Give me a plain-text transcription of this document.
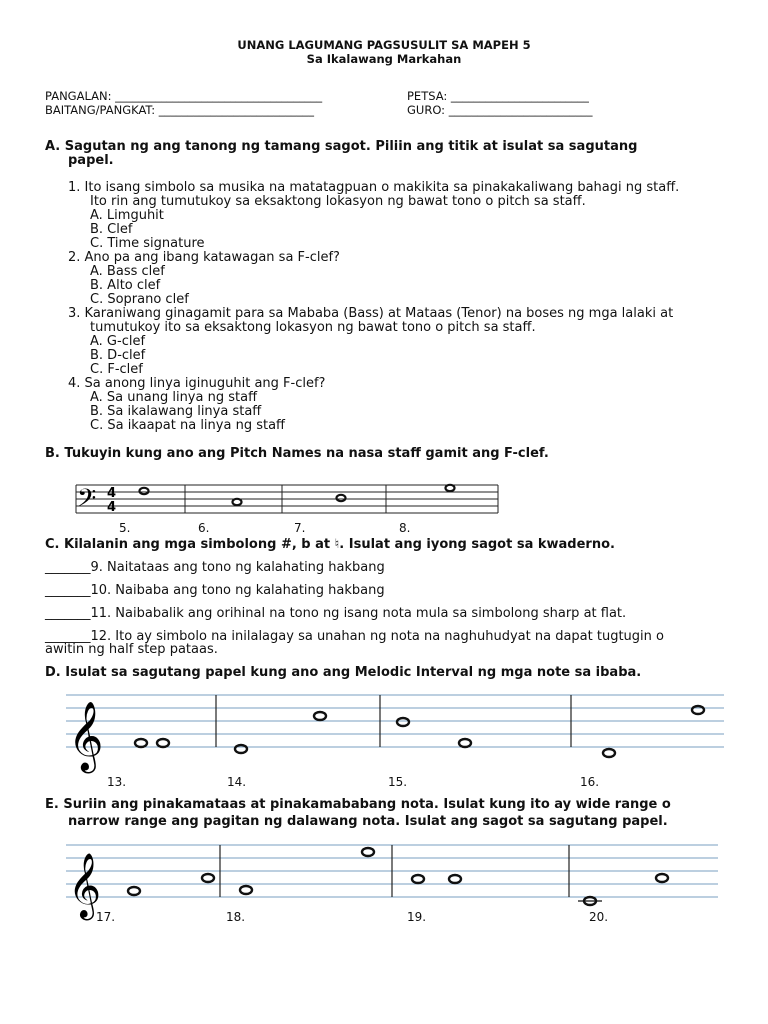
UNANG LAGUMANG PAGSUSULIT SA MAPEH 5
Sa Ikalawang Markahan
PANGALAN: ____________________________________
BAITANG/PANGKAT: ___________________________
PETSA: ________________________
GURO: _________________________
A. Sagutan ng ang tanong ng tamang sagot. Piliin ang titik at isulat sa sagutang
papel.
1. Ito isang simbolo sa musika na matatagpuan o makikita sa pinakakaliwang bahagi ng staff.
Ito rin ang tumutukoy sa eksaktong lokasyon ng bawat tono o pitch sa staff.
A. Limguhit
B. Clef
C. Time signature
2. Ano pa ang ibang katawagan sa F-clef?
A. Bass clef
B. Alto clef
C. Soprano clef
3. Karaniwang ginagamit para sa Mababa (Bass) at Mataas (Tenor) na boses ng mga lalaki at
tumutukoy ito sa eksaktong lokasyon ng bawat tono o pitch sa staff.
A. G-clef
B. D-clef
C. F-clef
4. Sa anong linya iginuguhit ang F-clef?
A. Sa unang linya ng staff
B. Sa ikalawang linya staff
C. Sa ikaapat na linya ng staff
B. Tukuyin kung ano ang Pitch Names na nasa staff gamit ang F-clef.
𝄢 4
4
5.	6.	7.	8.
C. Kilalanin ang mga simbolong #, b at ♮. Isulat ang iyong sagot sa kwaderno.
_______9. Naitataas ang tono ng kalahating hakbang
_______10. Naibaba ang tono ng kalahating hakbang
_______11. Naibabalik ang orihinal na tono ng isang nota mula sa simbolong sharp at flat.
_______12. Ito ay simbolo na inilalagay sa unahan ng nota na naghuhudyat na dapat tugtugin o
awitin ng half step pataas.
D. Isulat sa sagutang papel kung ano ang Melodic Interval ng mga note sa ibaba.
𝄞
13.	14.	15.	16.
E. Suriin ang pinakamataas at pinakamababang nota. Isulat kung ito ay wide range o
narrow range ang pagitan ng dalawang nota. Isulat ang sagot sa sagutang papel.
𝄞
17.	18.	19.	20.
